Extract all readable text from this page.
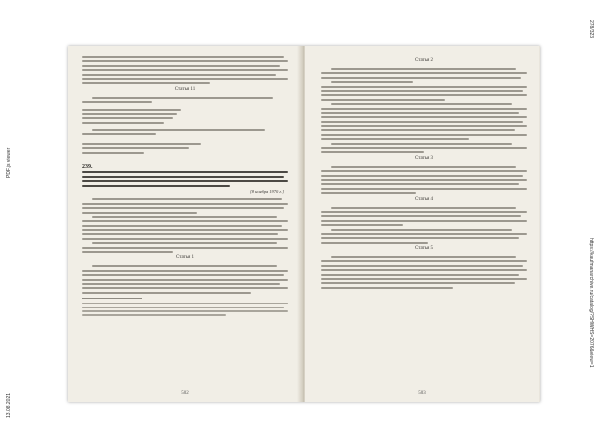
13.08.2021
PDF.js viewer
278/323
https://kaufmanarchive.ru/catalog/?SHWHS=2076&view=1
Статья 11
239.
[8 ноября 1970 г.]
Статья 1
502
Статья 2
Статья 3
Статья 4
Статья 5
503
